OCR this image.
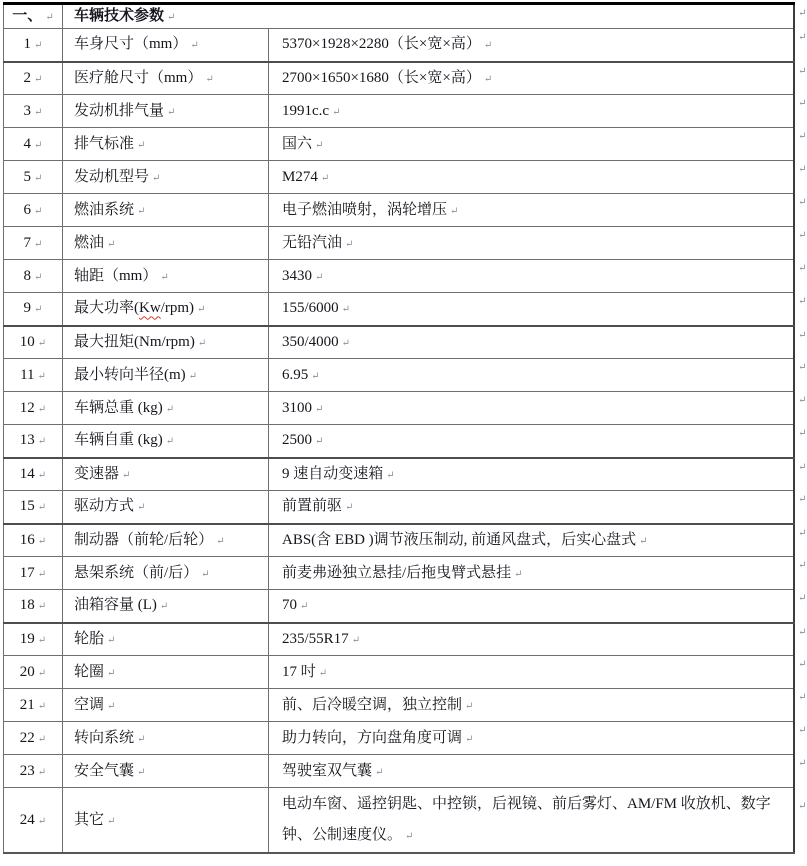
一、 ↵	车辆技术参数 ↵ ↵	

1 ↵	车身尺寸（mm） ↵	5370×1928×2280（长×宽×高） ↵
↵

2 ↵	医疗舱尺寸（mm） ↵	2700×1650×1680（长×宽×高） ↵
↵

3 ↵	发动机排气量 ↵	1991c.c ↵
↵

4 ↵	排气标准 ↵	国六 ↵
↵

5 ↵	发动机型号 ↵	M274 ↵
↵

6 ↵	燃油系统 ↵	电子燃油喷射，涡轮增压 ↵
↵

7 ↵	燃油 ↵	无铅汽油 ↵
↵

8 ↵	轴距（mm） ↵	3430 ↵
↵

9 ↵	最大功率(Kw/rpm) ↵	155/6000 ↵
↵

10 ↵	最大扭矩(Nm/rpm) ↵	350/4000 ↵
↵

11 ↵	最小转向半径(m) ↵	6.95 ↵
↵

12 ↵	车辆总重 (kg) ↵	3100 ↵
↵

13 ↵	车辆自重 (kg) ↵	2500 ↵
↵

14 ↵	变速器 ↵	9 速自动变速箱 ↵
↵

15 ↵	驱动方式 ↵	前置前驱 ↵
↵

16 ↵	制动器（前轮/后轮） ↵	ABS(含 EBD )调节液压制动, 前通风盘式，后实心盘式 ↵
↵

17 ↵	悬架系统（前/后） ↵	前麦弗逊独立悬挂/后拖曳臂式悬挂 ↵
↵

18 ↵	油箱容量 (L) ↵	70 ↵
↵

19 ↵	轮胎 ↵	235/55R17 ↵
↵

20 ↵	轮圈 ↵	17 吋 ↵
↵

21 ↵	空调 ↵	前、后冷暖空调，独立控制 ↵
↵

22 ↵	转向系统 ↵	助力转向，方向盘角度可调 ↵
↵

23 ↵	安全气囊 ↵	驾驶室双气囊 ↵
↵

24 ↵	其它 ↵	电动车窗、遥控钥匙、中控锁，后视镜、前后雾灯、AM/FM 收放机、数字钟、公制速度仪。 ↵
↵
